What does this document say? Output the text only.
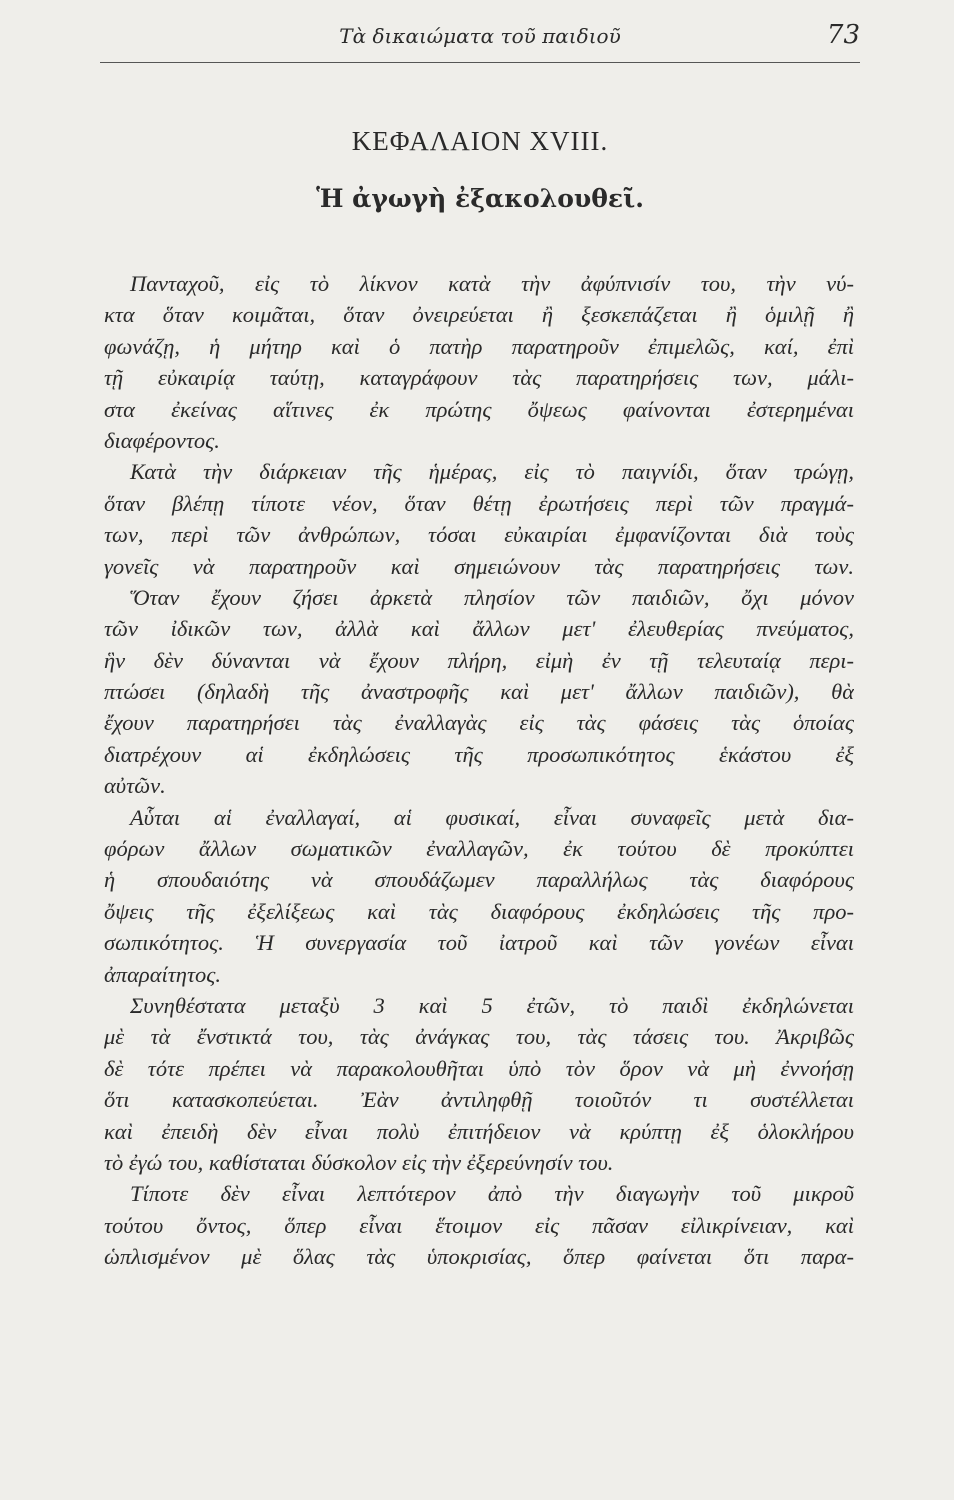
Τὰ δικαιώματα τοῦ παιδιοῦ	73
ΚΕΦΑΛΑΙΟΝ XVIII.
Ἡ ἀγωγὴ ἐξακολουθεῖ.
Πανταχοῦ, εἰς τὸ λίκνον κατὰ τὴν ἀφύπνισίν του, τὴν νύ-
κτα ὅταν κοιμᾶται, ὅταν ὀνειρεύεται ἢ ξεσκεπάζεται ἢ ὁμιλῇ ἢ
φωνάζῃ, ἡ μήτηρ καὶ ὁ πατὴρ παρατηροῦν ἐπιμελῶς, καί, ἐπὶ
τῇ εὐκαιρίᾳ ταύτῃ, καταγράφουν τὰς παρατηρήσεις των, μάλι-
στα ἐκείνας αἵτινες ἐκ πρώτης ὄψεως φαίνονται ἐστερημέναι
διαφέροντος.
Κατὰ τὴν διάρκειαν τῆς ἡμέρας, εἰς τὸ παιγνίδι, ὅταν τρώγῃ,
ὅταν βλέπῃ τίποτε νέον, ὅταν θέτῃ ἐρωτήσεις περὶ τῶν πραγμά-
των, περὶ τῶν ἀνθρώπων, τόσαι εὐκαιρίαι ἐμφανίζονται διὰ τοὺς
γονεῖς νὰ παρατηροῦν καὶ σημειώνουν τὰς παρατηρήσεις των.
Ὅταν ἔχουν ζήσει ἀρκετὰ πλησίον τῶν παιδιῶν, ὄχι μόνον
τῶν ἰδικῶν των, ἀλλὰ καὶ ἄλλων μετ' ἐλευθερίας πνεύματος,
ἣν δὲν δύνανται νὰ ἔχουν πλήρη, εἰμὴ ἐν τῇ τελευταίᾳ περι-
πτώσει (δηλαδὴ τῆς ἀναστροφῆς καὶ μετ' ἄλλων παιδιῶν), θὰ
ἔχουν παρατηρήσει τὰς ἐναλλαγὰς εἰς τὰς φάσεις τὰς ὁποίας
διατρέχουν αἱ ἐκδηλώσεις τῆς προσωπικότητος ἑκάστου ἐξ
αὐτῶν.
Αὗται αἱ ἐναλλαγαί, αἱ φυσικαί, εἶναι συναφεῖς μετὰ δια-
φόρων ἄλλων σωματικῶν ἐναλλαγῶν, ἐκ τούτου δὲ προκύπτει
ἡ σπουδαιότης νὰ σπουδάζωμεν παραλλήλως τὰς διαφόρους
ὄψεις τῆς ἐξελίξεως καὶ τὰς διαφόρους ἐκδηλώσεις τῆς προ-
σωπικότητος. Ἡ συνεργασία τοῦ ἰατροῦ καὶ τῶν γονέων εἶναι
ἀπαραίτητος.
Συνηθέστατα μεταξὺ 3 καὶ 5 ἐτῶν, τὸ παιδὶ ἐκδηλώνεται
μὲ τὰ ἔνστικτά του, τὰς ἀνάγκας του, τὰς τάσεις του. Ἀκριβῶς
δὲ τότε πρέπει νὰ παρακολουθῆται ὑπὸ τὸν ὅρον νὰ μὴ ἐννοήσῃ
ὅτι κατασκοπεύεται. Ἐὰν ἀντιληφθῇ τοιοῦτόν τι συστέλλεται
καὶ ἐπειδὴ δὲν εἶναι πολὺ ἐπιτήδειον νὰ κρύπτῃ ἐξ ὁλοκλήρου
τὸ ἐγώ του, καθίσταται δύσκολον εἰς τὴν ἐξερεύνησίν του.
Τίποτε δὲν εἶναι λεπτότερον ἀπὸ τὴν διαγωγὴν τοῦ μικροῦ
τούτου ὄντος, ὅπερ εἶναι ἕτοιμον εἰς πᾶσαν εἰλικρίνειαν, καὶ
ὡπλισμένον μὲ ὅλας τὰς ὑποκρισίας, ὅπερ φαίνεται ὅτι παρα-
